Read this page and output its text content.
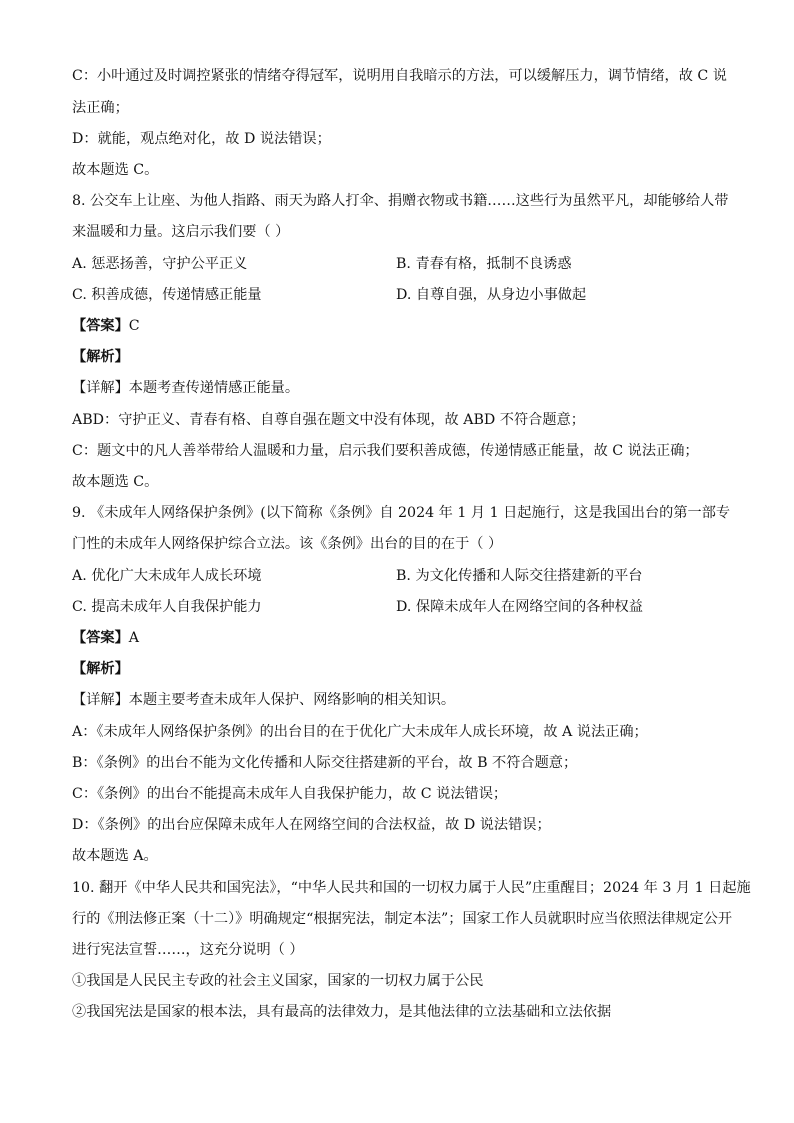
C：小叶通过及时调控紧张的情绪夺得冠军，说明用自我暗示的方法，可以缓解压力，调节情绪，故 C 说
法正确；
D：就能，观点绝对化，故 D 说法错误；
故本题选 C。
8. 公交车上让座、为他人指路、雨天为路人打伞、捐赠衣物或书籍……这些行为虽然平凡，却能够给人带
来温暖和力量。这启示我们要（ ）
A. 惩恶扬善，守护公平正义	B. 青春有格，抵制不良诱惑
C. 积善成德，传递情感正能量	D. 自尊自强，从身边小事做起
【答案】C
【解析】
【详解】本题考查传递情感正能量。
ABD：守护正义、青春有格、自尊自强在题文中没有体现，故 ABD 不符合题意；
C：题文中的凡人善举带给人温暖和力量，启示我们要积善成德，传递情感正能量，故 C 说法正确；
故本题选 C。
9. 《未成年人网络保护条例》(以下简称《条例》自 2024 年 1 月 1 日起施行，这是我国出台的第一部专
门性的未成年人网络保护综合立法。该《条例》出台的目的在于（ ）
A. 优化广大未成年人成长环境	B. 为文化传播和人际交往搭建新的平台
C. 提高未成年人自我保护能力	D. 保障未成年人在网络空间的各种权益
【答案】A
【解析】
【详解】本题主要考查未成年人保护、网络影响的相关知识。
A：《未成年人网络保护条例》的出台目的在于优化广大未成年人成长环境，故 A 说法正确；
B：《条例》的出台不能为文化传播和人际交往搭建新的平台，故 B 不符合题意；
C：《条例》的出台不能提高未成年人自我保护能力，故 C 说法错误；
D：《条例》的出台应保障未成年人在网络空间的合法权益，故 D 说法错误；
故本题选 A。
10. 翻开《中华人民共和国宪法》，“中华人民共和国的一切权力属于人民”庄重醒目；2024 年 3 月 1 日起施
行的《刑法修正案（十二）》明确规定“根据宪法，制定本法”；国家工作人员就职时应当依照法律规定公开
进行宪法宣誓……，这充分说明（ ）
①我国是人民民主专政的社会主义国家，国家的一切权力属于公民
②我国宪法是国家的根本法，具有最高的法律效力，是其他法律的立法基础和立法依据
